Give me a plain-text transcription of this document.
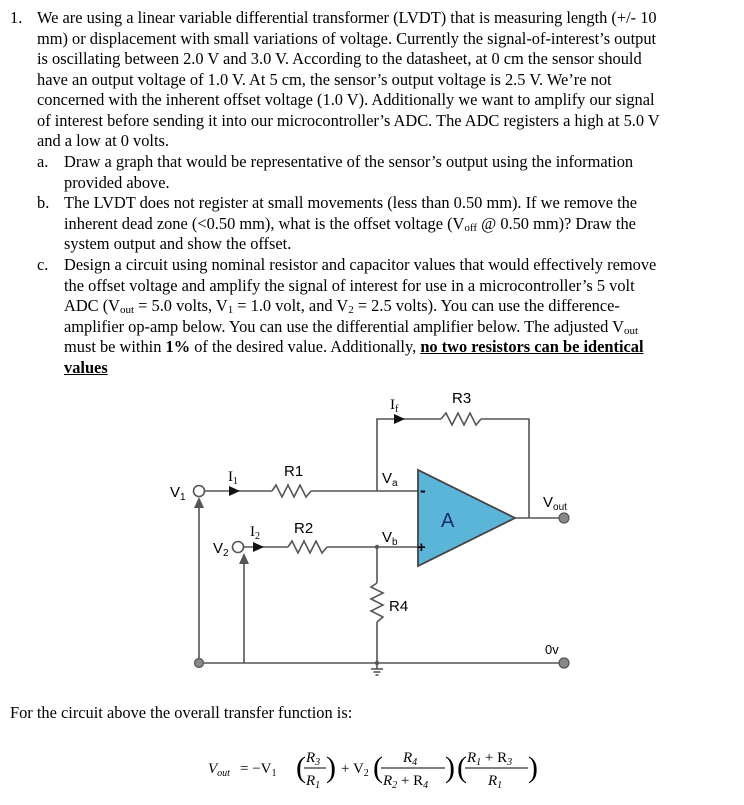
1. We are using a linear variable differential transformer (LVDT) that is measuring length (+/- 10
mm) or displacement with small variations of voltage. Currently the signal-of-interest’s output
is oscillating between 2.0 V and 3.0 V. According to the datasheet, at 0 cm the sensor should
have an output voltage of 1.0 V. At 5 cm, the sensor’s output voltage is 2.5 V. We’re not
concerned with the inherent offset voltage (1.0 V). Additionally we want to amplify our signal
of interest before sending it into our microcontroller’s ADC. The ADC registers a high at 5.0 V
and a low at 0 volts.
a. Draw a graph that would be representative of the sensor’s output using the information
provided above.
b. The LVDT does not register at small movements (less than 0.50 mm). If we remove the
inherent dead zone (<0.50 mm), what is the offset voltage ($V_{off}$ @ 0.50 mm)? Draw the
system output and show the offset.
c. Design a circuit using nominal resistor and capacitor values that would effectively remove
the offset voltage and amplify the signal of interest for use in a microcontroller’s 5 volt
ADC ($V_{out} = 5.0$ volts, $V_1 = 1.0$ volt, and $V_2 = 2.5$ volts). You can use the difference-
amplifier op-amp below. You can use the differential amplifier below. The adjusted $V_{out}$
must be within 1% of the desired value. Additionally, no two resistors can be identical
values
A
-
+
$I_f$
R3
$I_1$
R1
$V_1$
$V_a$
$I_2$ R2
$V_b$
$V_2$
$V_{out}$
R4
0v
For the circuit above the overall transfer function is:
$V_{out} = -V_1$ ( $R_3$
$R_1$
) + $V_2$ ( $R_4$
$R_2 + R_4$
) ( $R_1 + R_3$
$R_1$
)
